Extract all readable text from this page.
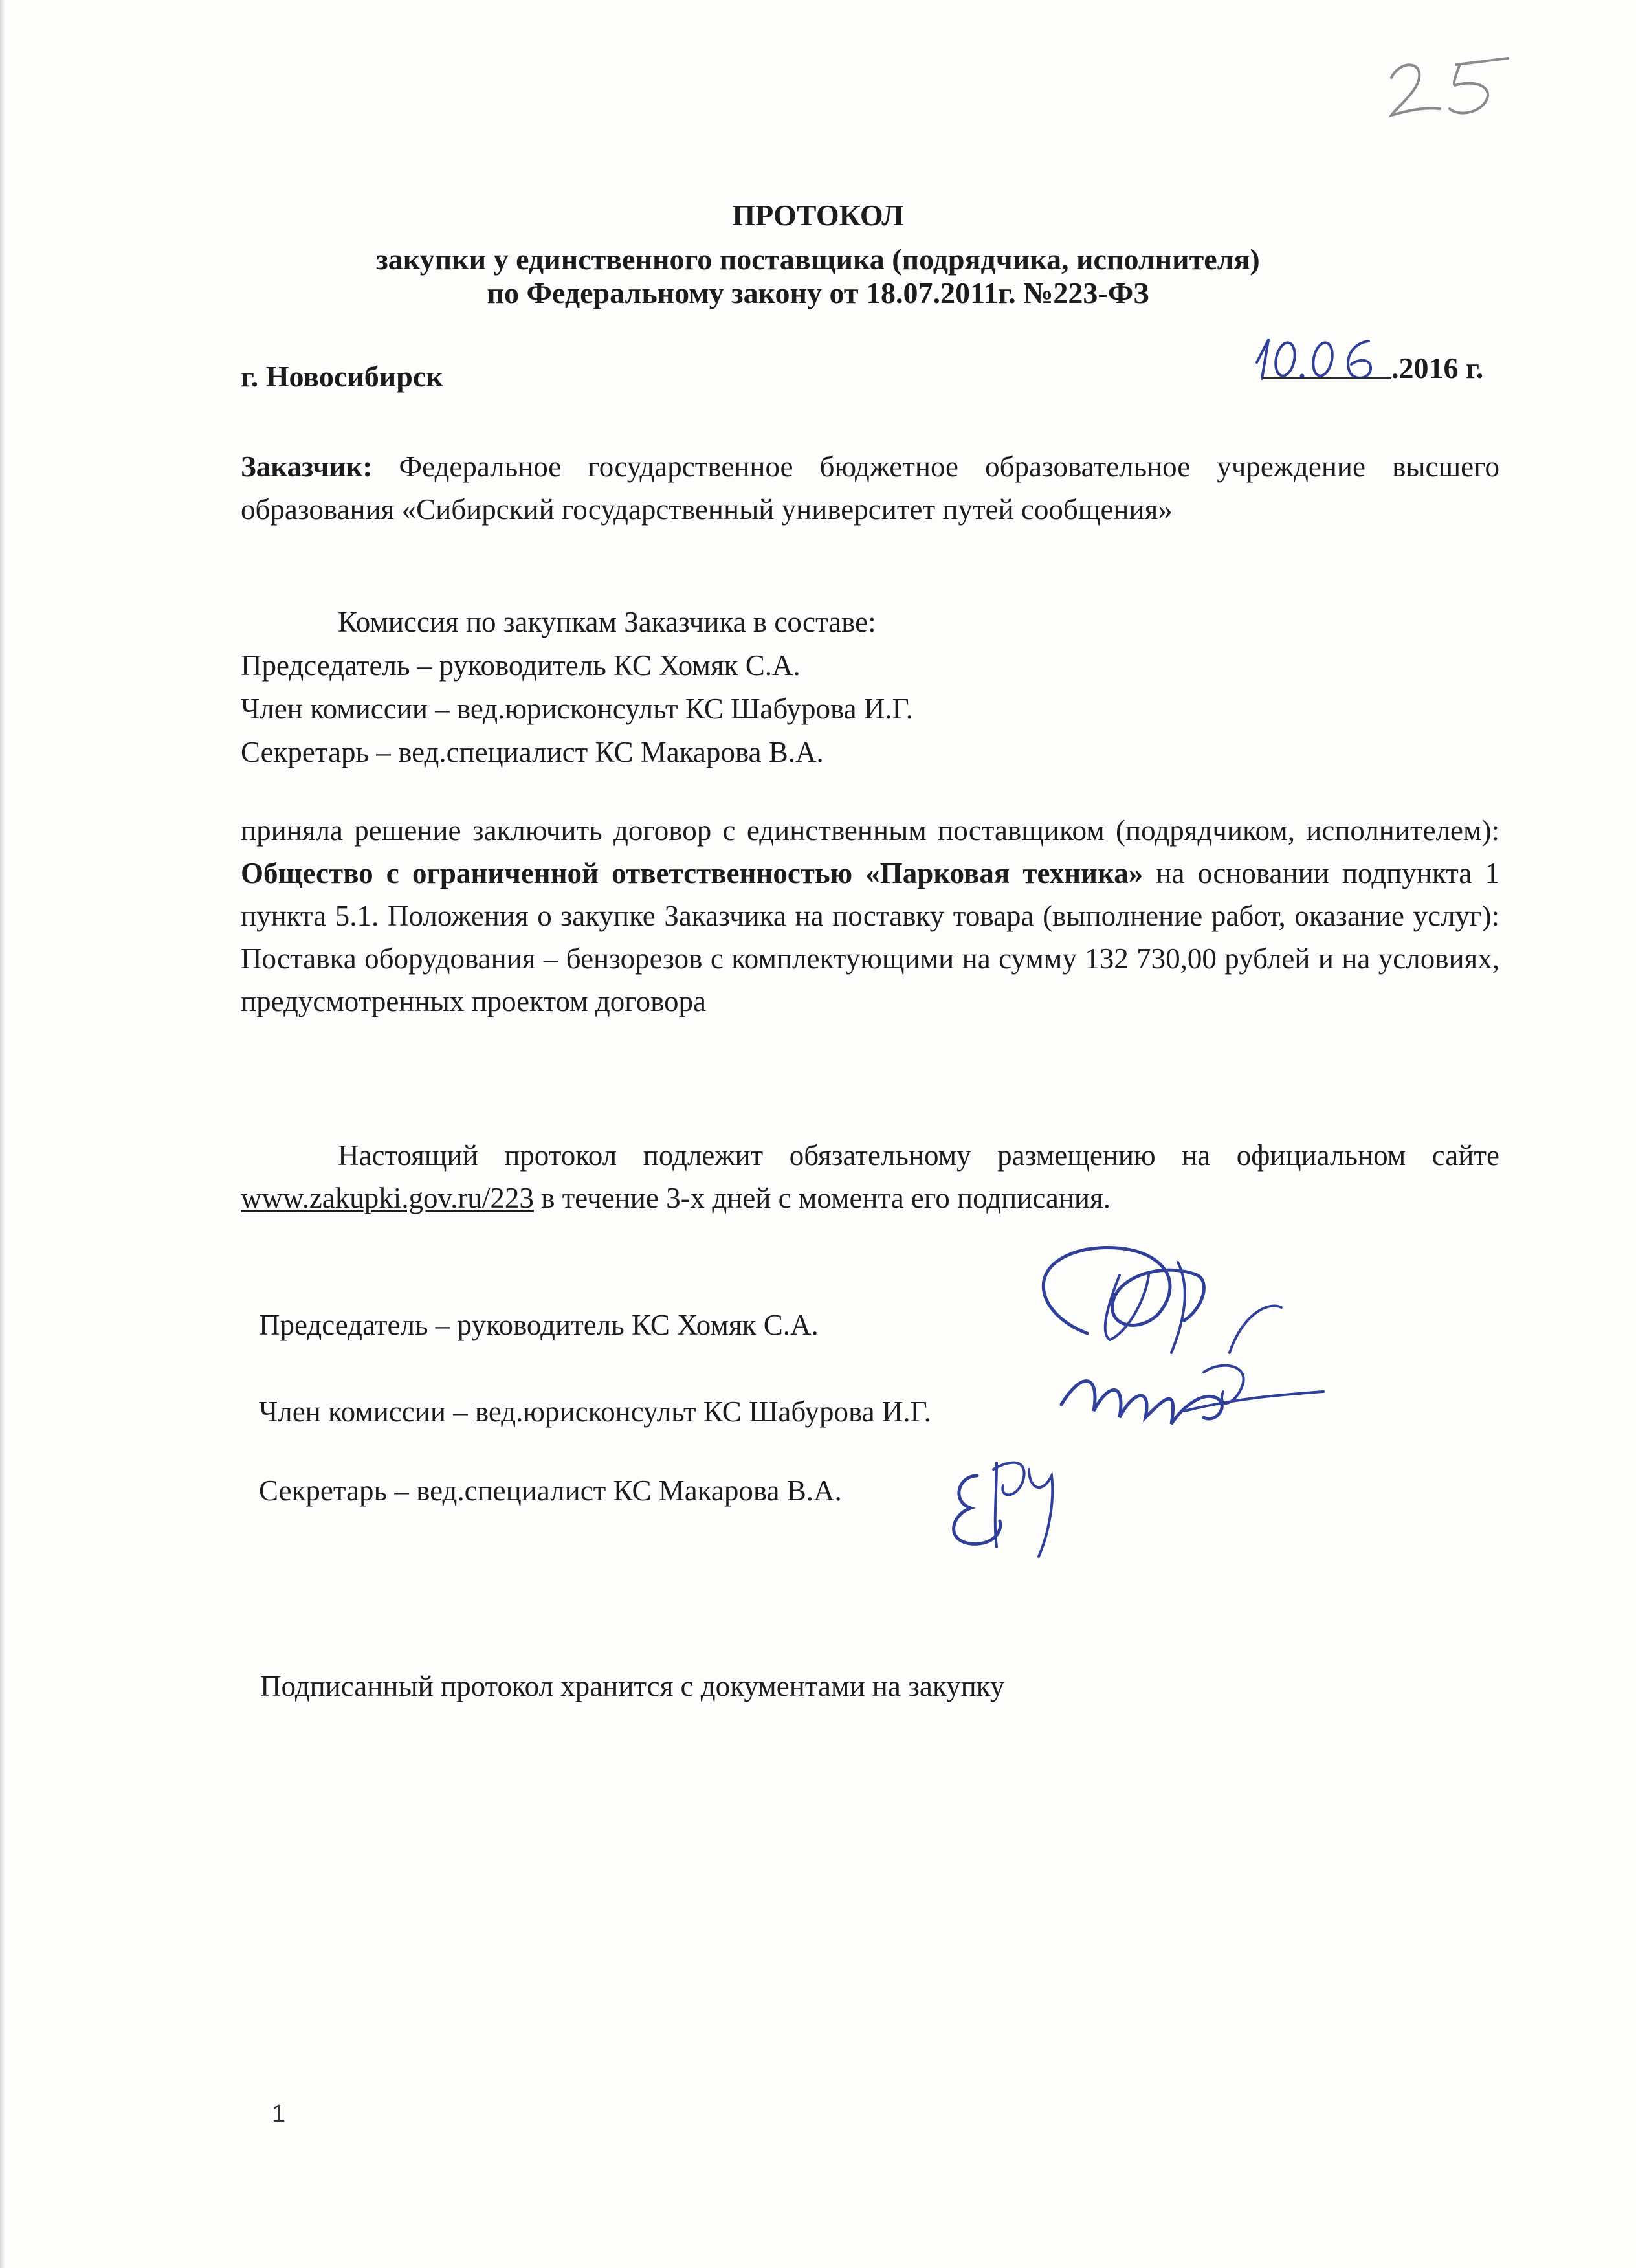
ПРОТОКОЛ

закупки у единственного поставщика (подрядчика, исполнителя)

по Федеральному закону от 18.07.2011г. №223-ФЗ

г. Новосибирск	.2016 г.

Заказчик: Федеральное государственное бюджетное образовательное учреждение высшего образования «Сибирский государственный университет путей сообщения»

Комиссия по закупкам Заказчика в составе:

Председатель – руководитель КС Хомяк С.А.

Член комиссии – вед.юрисконсульт КС Шабурова И.Г.

Секретарь – вед.специалист КС Макарова В.А.

приняла решение заключить договор с единственным поставщиком (подрядчиком, исполнителем): Общество с ограниченной ответственностью «Парковая техника» на основании подпункта 1 пункта 5.1. Положения о закупке Заказчика на поставку товара (выполнение работ, оказание услуг): Поставка оборудования – бензорезов с комплектующими на сумму 132 730,00 рублей и на условиях, предусмотренных проектом договора

Настоящий протокол подлежит обязательному размещению на официальном сайте www.zakupki.gov.ru/223 в течение 3-х дней с момента его подписания.

Председатель – руководитель КС Хомяк С.А.

Член комиссии – вед.юрисконсульт КС Шабурова И.Г.

Секретарь – вед.специалист КС Макарова В.А.

Подписанный протокол хранится с документами на закупку

1
